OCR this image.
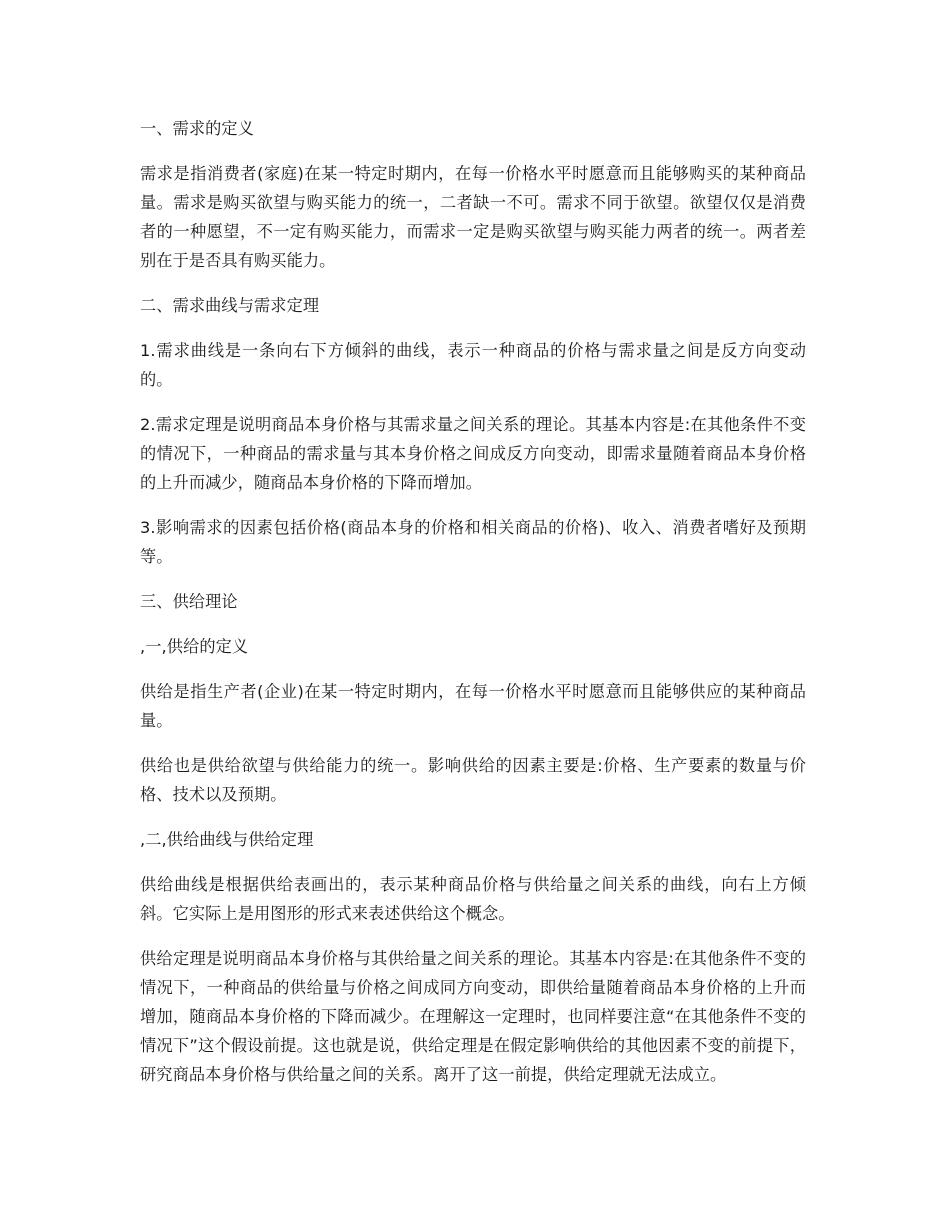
一、需求的定义

需求是指消费者(家庭)在某一特定时期内，在每一价格水平时愿意而且能够购买的某种商品量。需求是购买欲望与购买能力的统一，二者缺一不可。需求不同于欲望。欲望仅仅是消费者的一种愿望，不一定有购买能力，而需求一定是购买欲望与购买能力两者的统一。两者差别在于是否具有购买能力。

二、需求曲线与需求定理

1.需求曲线是一条向右下方倾斜的曲线，表示一种商品的价格与需求量之间是反方向变动的。

2.需求定理是说明商品本身价格与其需求量之间关系的理论。其基本内容是:在其他条件不变的情况下，一种商品的需求量与其本身价格之间成反方向变动，即需求量随着商品本身价格的上升而减少，随商品本身价格的下降而增加。

3.影响需求的因素包括价格(商品本身的价格和相关商品的价格)、收入、消费者嗜好及预期等。

三、供给理论

,一,供给的定义

供给是指生产者(企业)在某一特定时期内，在每一价格水平时愿意而且能够供应的某种商品量。

供给也是供给欲望与供给能力的统一。影响供给的因素主要是:价格、生产要素的数量与价格、技术以及预期。

,二,供给曲线与供给定理

供给曲线是根据供给表画出的，表示某种商品价格与供给量之间关系的曲线，向右上方倾斜。它实际上是用图形的形式来表述供给这个概念。

供给定理是说明商品本身价格与其供给量之间关系的理论。其基本内容是:在其他条件不变的情况下，一种商品的供给量与价格之间成同方向变动，即供给量随着商品本身价格的上升而增加，随商品本身价格的下降而减少。在理解这一定理时，也同样要注意“在其他条件不变的情况下”这个假设前提。这也就是说，供给定理是在假定影响供给的其他因素不变的前提下，研究商品本身价格与供给量之间的关系。离开了这一前提，供给定理就无法成立。
